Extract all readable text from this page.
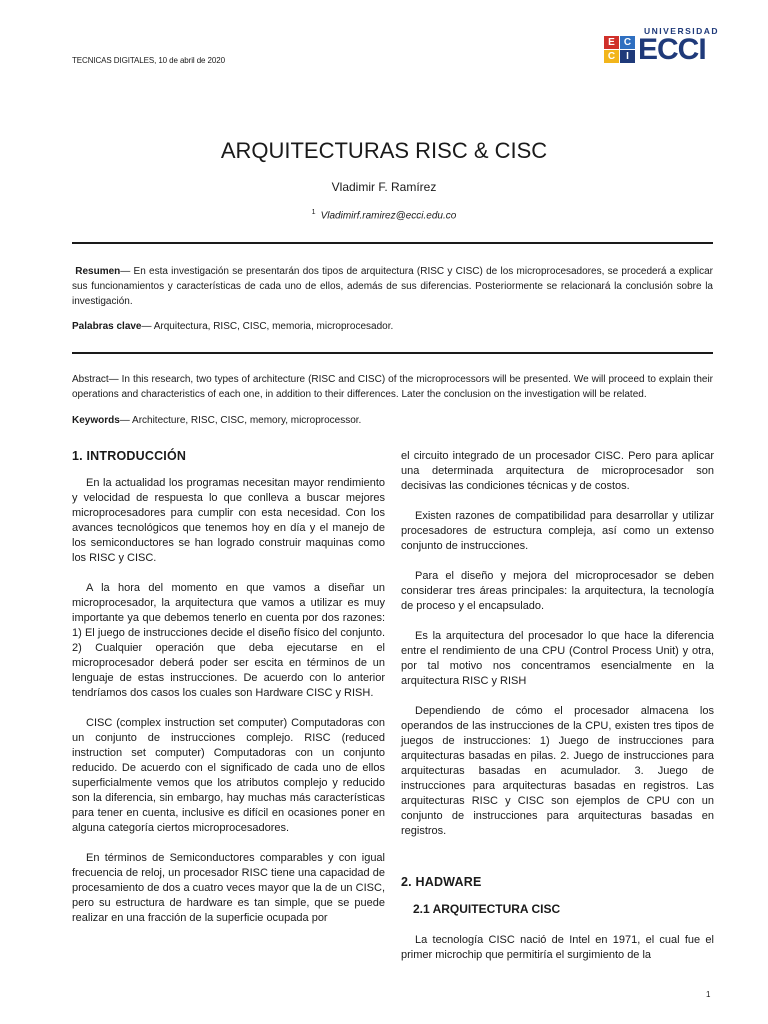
TECNICAS DIGITALES, 10 de abril de 2020
UNIVERSIDAD
E C
C	I ECCI
ARQUITECTURAS RISC & CISC
Vladimir F. Ramírez
$^1$ Vladimirf.ramirez@ecci.edu.co
Resumen— En esta investigación se presentarán dos tipos de arquitectura (RISC y CISC) de los microprocesadores, se procederá a explicar sus funcionamientos y características de cada uno de ellos, además de sus diferencias. Posteriormente se relacionará la conclusión sobre la investigación.
Palabras clave— Arquitectura, RISC, CISC, memoria, microprocesador.
Abstract— In this research, two types of architecture (RISC and CISC) of the microprocessors will be presented. We will proceed to explain their operations and characteristics of each one, in addition to their differences. Later the conclusion on the investigation will be related.
Keywords— Architecture, RISC, CISC, memory, microprocessor.
1. INTRODUCCIÓN

En la actualidad los programas necesitan mayor rendimiento y velocidad de respuesta lo que conlleva a buscar mejores microprocesadores para cumplir con esta necesidad. Con los avances tecnológicos que tenemos hoy en día y el manejo de los semiconductores se han logrado construir maquinas como los RISC y CISC.

A la hora del momento en que vamos a diseñar un microprocesador, la arquitectura que vamos a utilizar es muy importante ya que debemos tenerlo en cuenta por dos razones: 1) El juego de instrucciones decide el diseño físico del conjunto. 2) Cualquier operación que deba ejecutarse en el microprocesador deberá poder ser escita en términos de un lenguaje de estas instrucciones. De acuerdo con lo anterior tendríamos dos casos los cuales son Hardware CISC y RISH.

CISC (complex instruction set computer) Computadoras con un conjunto de instrucciones complejo. RISC (reduced instruction set computer) Computadoras con un conjunto reducido. De acuerdo con el significado de cada uno de ellos superficialmente vemos que los atributos complejo y reducido son la diferencia, sin embargo, hay muchas más características para tener en cuenta, inclusive es difícil en ocasiones poner en alguna categoría ciertos microprocesadores.

En términos de Semiconductores comparables y con igual frecuencia de reloj, un procesador RISC tiene una capacidad de procesamiento de dos a cuatro veces mayor que la de un CISC, pero su estructura de hardware es tan simple, que se puede realizar en una fracción de la superficie ocupada por

el circuito integrado de un procesador CISC. Pero para aplicar una determinada arquitectura de microprocesador son decisivas las condiciones técnicas y de costos.

Existen razones de compatibilidad para desarrollar y utilizar procesadores de estructura compleja, así como un extenso conjunto de instrucciones.

Para el diseño y mejora del microprocesador se deben considerar tres áreas principales: la arquitectura, la tecnología de proceso y el encapsulado.

Es la arquitectura del procesador lo que hace la diferencia entre el rendimiento de una CPU (Control Process Unit) y otra, por tal motivo nos concentramos esencialmente en la arquitectura RISC y RISH

Dependiendo de cómo el procesador almacena los operandos de las instrucciones de la CPU, existen tres tipos de juegos de instrucciones: 1) Juego de instrucciones para arquitecturas basadas en pilas. 2. Juego de instrucciones para arquitecturas basadas en acumulador. 3. Juego de instrucciones para arquitecturas basadas en registros. Las arquitecturas RISC y CISC son ejemplos de CPU con un conjunto de instrucciones para arquitecturas basadas en registros.

2. HADWARE
2.1 ARQUITECTURA CISC

La tecnología CISC nació de Intel en 1971, el cual fue el primer microchip que permitiría el surgimiento de la

1
